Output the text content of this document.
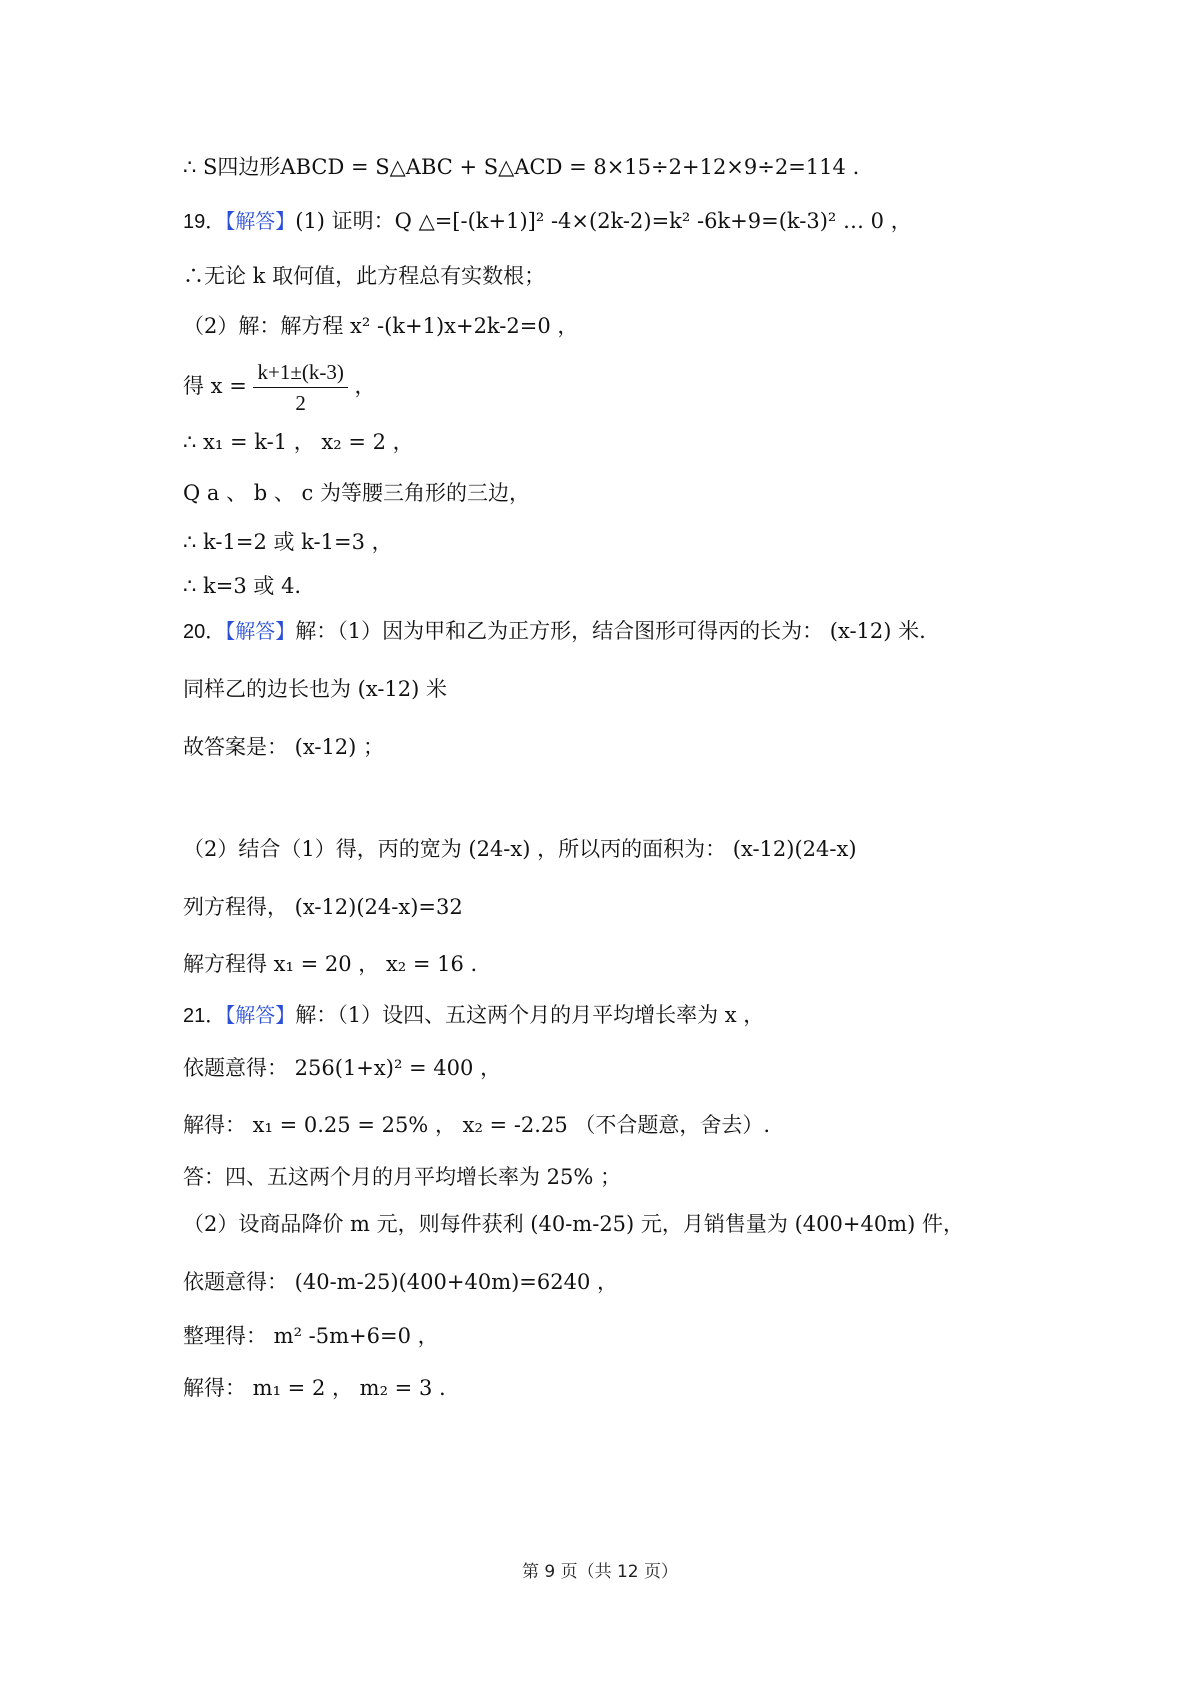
∴ S四边形ABCD = S△ABC + S△ACD = 8×15÷2+12×9÷2=114 .
19．【解答】(1) 证明：Q △=[-(k+1)]² -4×(2k-2)=k² -6k+9=(k-3)² … 0 ，
∴无论 k 取何值，此方程总有实数根；
（2）解：解方程 x² -(k+1)x+2k-2=0 ，
得 $x = \frac{k+1\pm(k-3)}{2}$ ，
∴ x₁ = k-1 ， x₂ = 2 ，
Q a 、 b 、 c 为等腰三角形的三边，
∴ k-1=2 或 k-1=3 ，
∴ k=3 或 4.
20．【解答】解：（1）因为甲和乙为正方形，结合图形可得丙的长为： (x-12) 米.
同样乙的边长也为 (x-12) 米
故答案是： (x-12) ；
（2）结合（1）得，丙的宽为 (24-x) ，所以丙的面积为： (x-12)(24-x)
列方程得， (x-12)(24-x)=32
解方程得 x₁ = 20 ， x₂ = 16 .
21．【解答】解：（1）设四、五这两个月的月平均增长率为 x ，
依题意得： 256(1+x)² = 400 ，
解得： x₁ = 0.25 = 25% ， x₂ = -2.25 （不合题意，舍去）.
答：四、五这两个月的月平均增长率为 25% ；
（2）设商品降价 m 元，则每件获利 (40-m-25) 元，月销售量为 (400+40m) 件，
依题意得： (40-m-25)(400+40m)=6240 ，
整理得： m² -5m+6=0 ，
解得： m₁ = 2 ， m₂ = 3 .
第 9 页（共 12 页）
